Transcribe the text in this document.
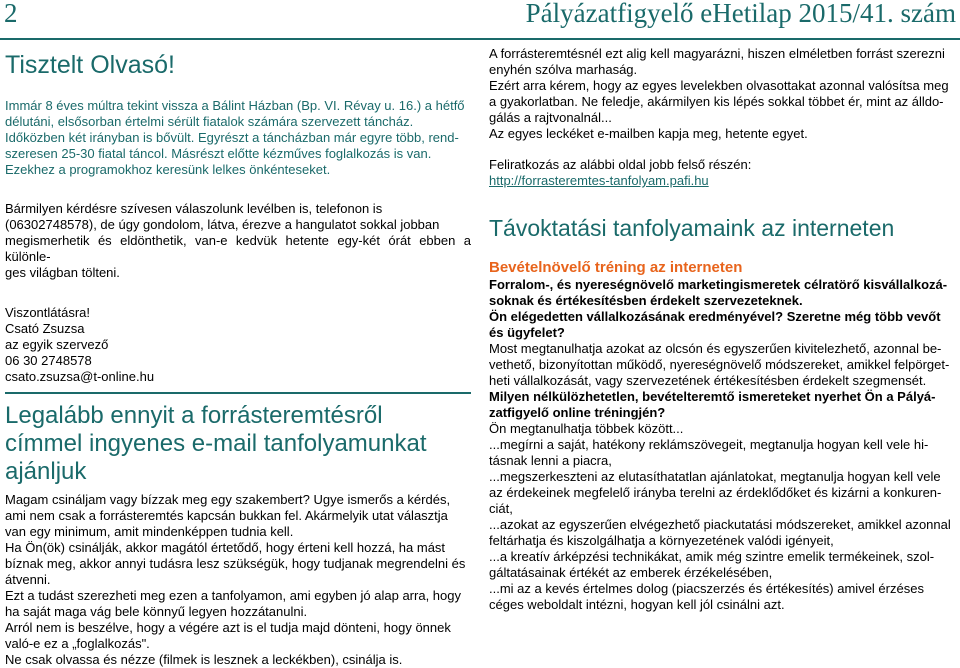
2	Pályázatfigyelő eHetilap 2015/41. szám
Tisztelt Olvasó!
Immár 8 éves múltra tekint vissza a Bálint Házban (Bp. VI. Révay u. 16.) a hétfő
délutáni, elsősorban értelmi sérült fiatalok számára szervezett táncház.
Időközben két irányban is bővült. Egyrészt a táncházban már egyre több, rend-
szeresen 25-30 fiatal táncol. Másrészt előtte kézműves foglalkozás is van.
Ezekhez a programokhoz keresünk lelkes önkénteseket.
Bármilyen kérdésre szívesen válaszolunk levélben is, telefonon is
(06302748578), de úgy gondolom, látva, érezve a hangulatot sokkal jobban
megismerhetik és eldönthetik, van-e kedvük hetente egy-két órát ebben a különle-
ges világban tölteni.
Viszontlátásra!
Csató Zsuzsa
az egyik szervező
06 30 2748578
csato.zsuzsa@t-online.hu
Legalább ennyit a forrásteremtésről
címmel ingyenes e-mail tanfolyamunkat
ajánljuk
Magam csináljam vagy bízzak meg egy szakembert? Ugye ismerős a kérdés,
ami nem csak a forrásteremtés kapcsán bukkan fel. Akármelyik utat választja
van egy minimum, amit mindenképpen tudnia kell.
Ha Ön(ök) csinálják, akkor magától értetődő, hogy érteni kell hozzá, ha mást
bíznak meg, akkor annyi tudásra lesz szükségük, hogy tudjanak megrendelni és
átvenni.
Ezt a tudást szerezheti meg ezen a tanfolyamon, ami egyben jó alap arra, hogy
ha saját maga vág bele könnyű legyen hozzátanulni.
Arról nem is beszélve, hogy a végére azt is el tudja majd dönteni, hogy önnek
való-e ez a „foglalkozás".
Ne csak olvassa és nézze (filmek is lesznek a leckékben), csinálja is.
A forrásteremtésnél ezt alig kell magyarázni, hiszen elméletben forrást szerezni
enyhén szólva marhaság.
Ezért arra kérem, hogy az egyes levelekben olvasottakat azonnal valósítsa meg
a gyakorlatban. Ne feledje, akármilyen kis lépés sokkal többet ér, mint az álldo-
gálás a rajtvonalnál...
Az egyes leckéket e-mailben kapja meg, hetente egyet.
Feliratkozás az alábbi oldal jobb felső részén:
http://forrasteremtes-tanfolyam.pafi.hu
Távoktatási tanfolyamaink az interneten
Bevételnövelő tréning az interneten
Forralom-, és nyereségnövelő marketingismeretek célratörő kisvállalkozá-
soknak és értékesítésben érdekelt szervezeteknek.
Ön elégedetten vállalkozásának eredményével? Szeretne még több vevőt
és ügyfelet?
Most megtanulhatja azokat az olcsón és egyszerűen kivitelezhető, azonnal be-
vethető, bizonyítottan működő, nyereségnövelő módszereket, amikkel felpörget-
heti vállalkozását, vagy szervezetének értékesítésben érdekelt szegmensét.
Milyen nélkülözhetetlen, bevételteremtő ismereteket nyerhet Ön a Pályá-
zatfigyelő online tréningjén?
Ön megtanulhatja többek között...
...megírni a saját, hatékony reklámszövegeit, megtanulja hogyan kell vele hi-
tásnak lenni a piacra,
...megszerkeszteni az elutasíthatatlan ajánlatokat, megtanulja hogyan kell vele
az érdekeinek megfelelő irányba terelni az érdeklődőket és kizárni a konkuren-
ciát,
...azokat az egyszerűen elvégezhető piackutatási módszereket, amikkel azonnal
feltárhatja és kiszolgálhatja a környezetének valódi igényeit,
...a kreatív árképzési technikákat, amik még szintre emelik termékeinek, szol-
gáltatásainak értékét az emberek érzékelésében,
...mi az a kevés értelmes dolog (piacszerzés és értékesítés) amivel érzéses
céges weboldalt intézni, hogyan kell jól csinálni azt.
